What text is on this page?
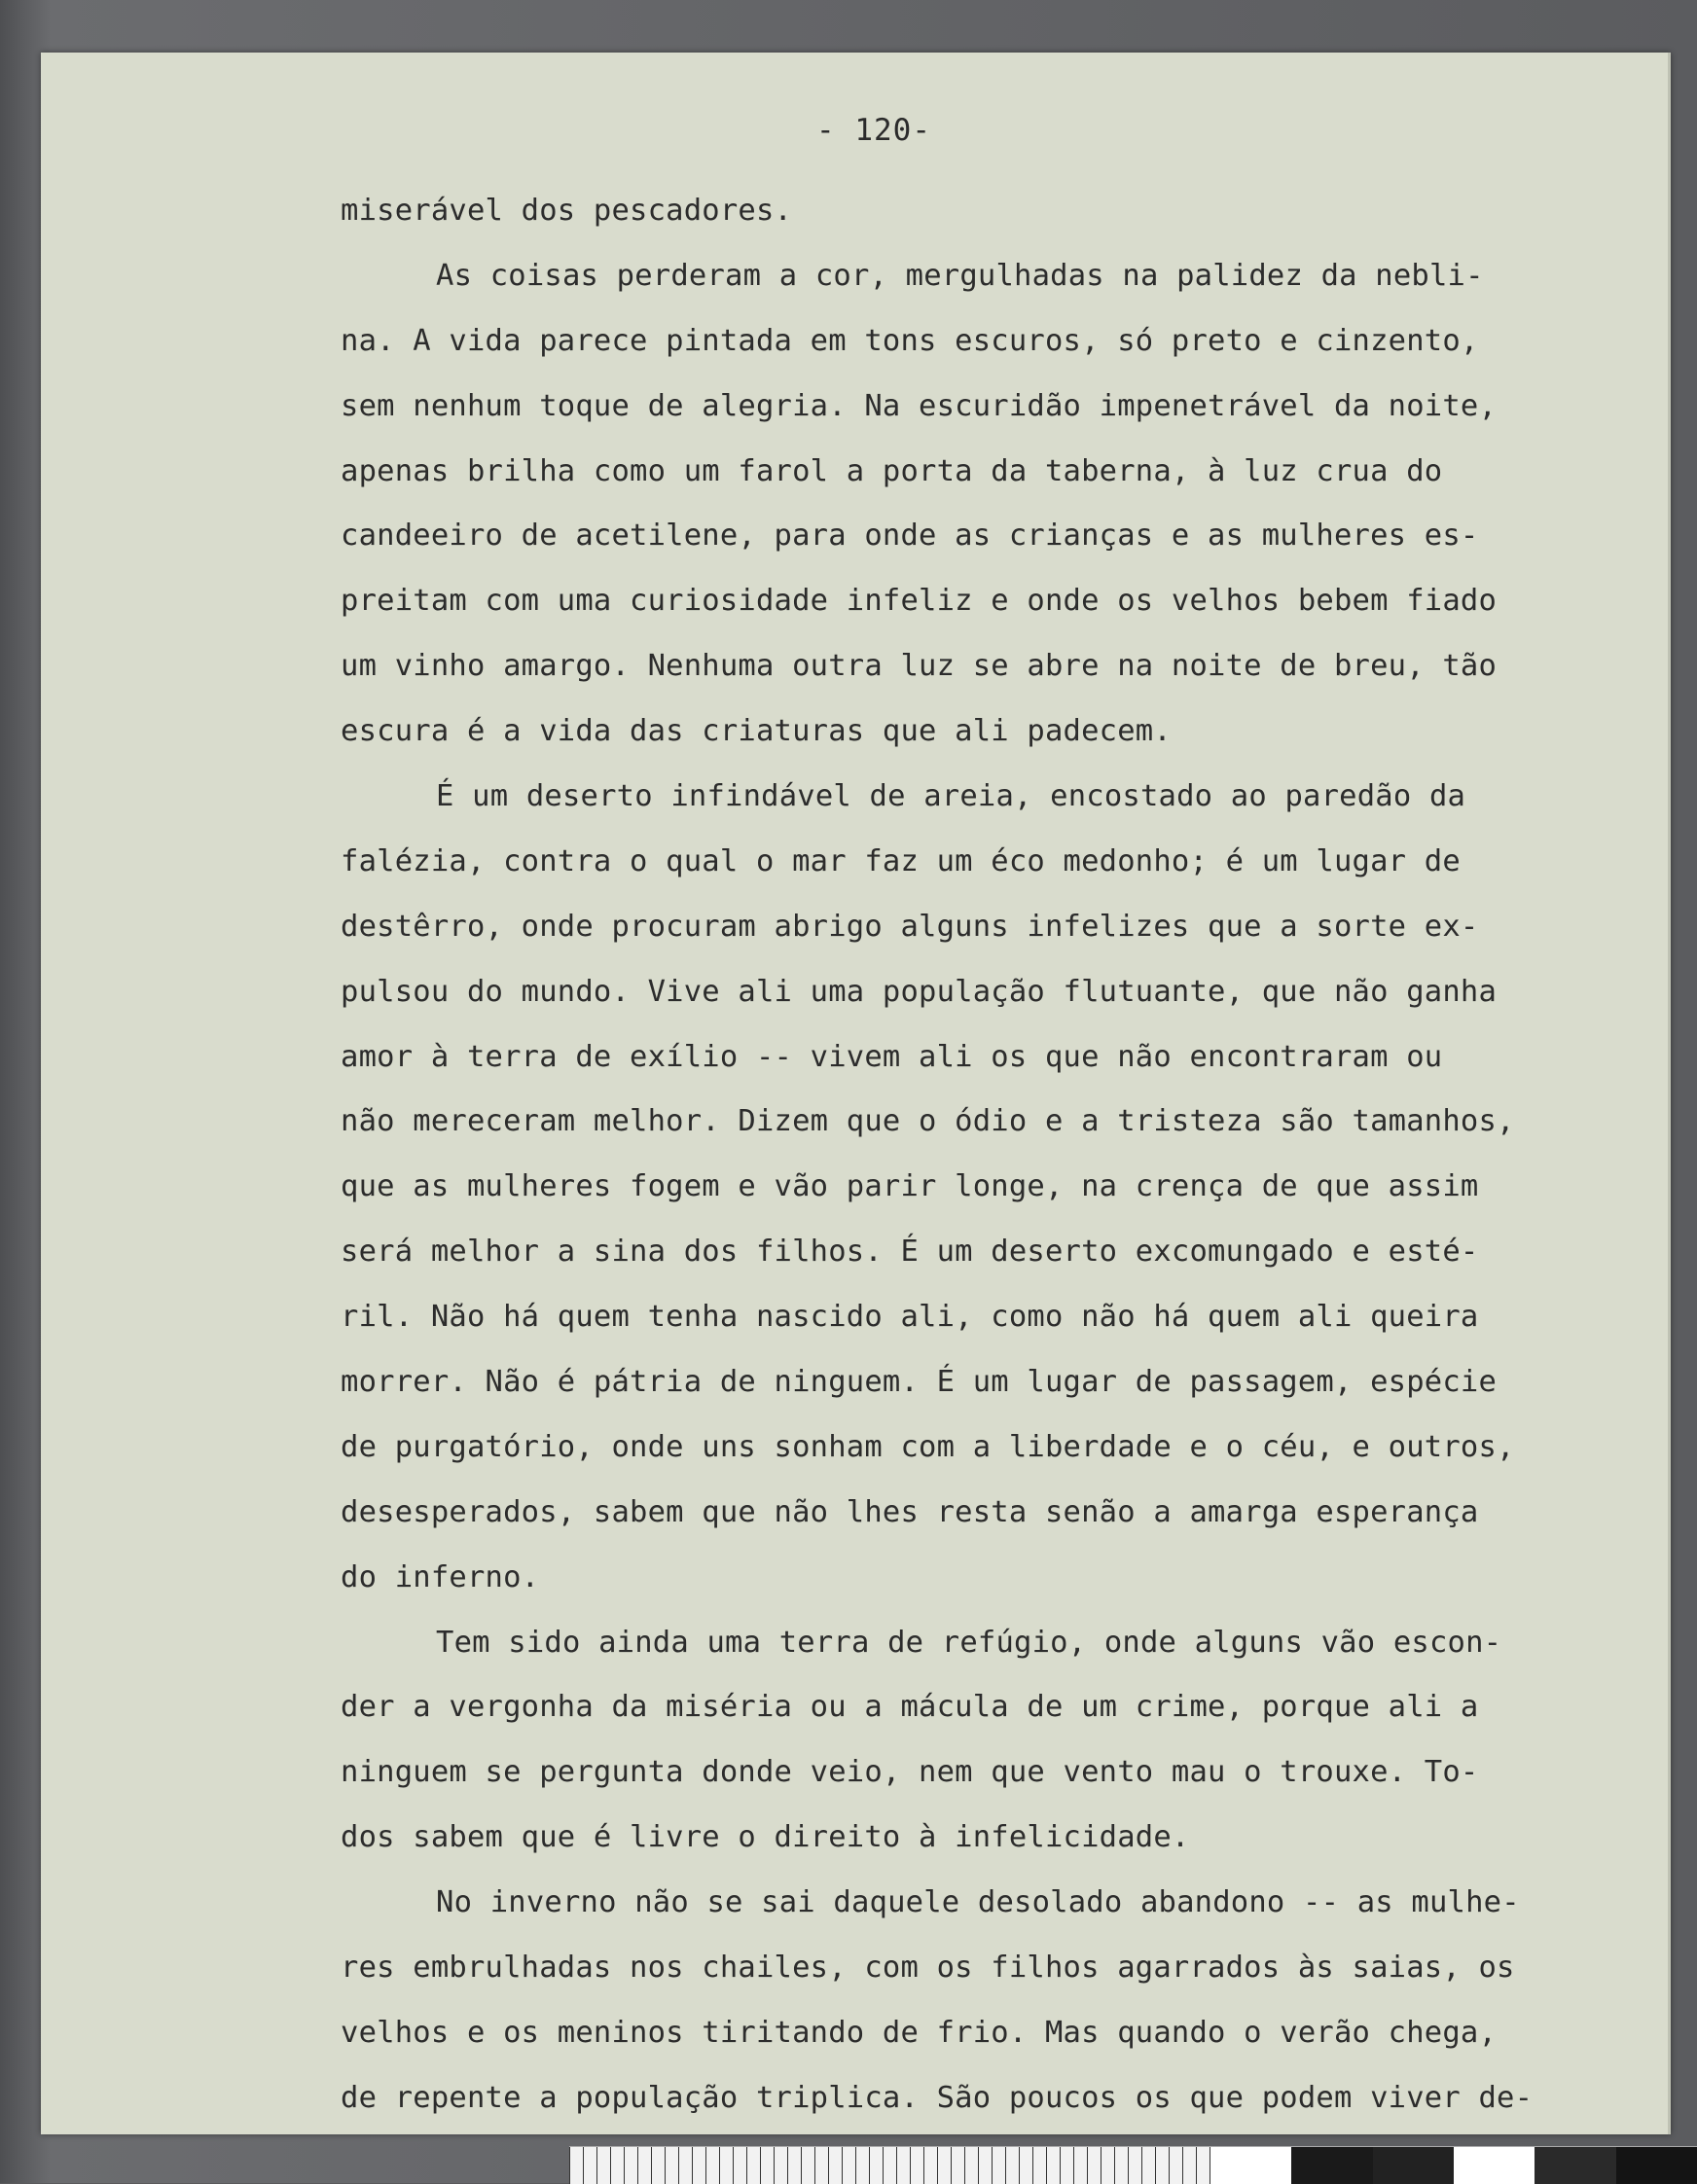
- 120-
miserável dos pescadores.
As coisas perderam a cor, mergulhadas na palidez da nebli-
na. A vida parece pintada em tons escuros, só preto e cinzento,
sem nenhum toque de alegria. Na escuridão impenetrável da noite,
apenas brilha como um farol a porta da taberna, à luz crua do
candeeiro de acetilene, para onde as crianças e as mulheres es-
preitam com uma curiosidade infeliz e onde os velhos bebem fiado
um vinho amargo. Nenhuma outra luz se abre na noite de breu, tão
escura é a vida das criaturas que ali padecem.
É um deserto infindável de areia, encostado ao paredão da
falézia, contra o qual o mar faz um éco medonho; é um lugar de
destêrro, onde procuram abrigo alguns infelizes que a sorte ex-
pulsou do mundo. Vive ali uma população flutuante, que não ganha
amor à terra de exílio -- vivem ali os que não encontraram ou
não mereceram melhor. Dizem que o ódio e a tristeza são tamanhos,
que as mulheres fogem e vão parir longe, na crença de que assim
será melhor a sina dos filhos. É um deserto excomungado e esté-
ril. Não há quem tenha nascido ali, como não há quem ali queira
morrer. Não é pátria de ninguem. É um lugar de passagem, espécie
de purgatório, onde uns sonham com a liberdade e o céu, e outros,
desesperados, sabem que não lhes resta senão a amarga esperança
do inferno.
Tem sido ainda uma terra de refúgio, onde alguns vão escon-
der a vergonha da miséria ou a mácula de um crime, porque ali a
ninguem se pergunta donde veio, nem que vento mau o trouxe. To-
dos sabem que é livre o direito à infelicidade.
No inverno não se sai daquele desolado abandono -- as mulhe-
res embrulhadas nos chailes, com os filhos agarrados às saias, os
velhos e os meninos tiritando de frio. Mas quando o verão chega,
de repente a população triplica. São poucos os que podem viver de-
